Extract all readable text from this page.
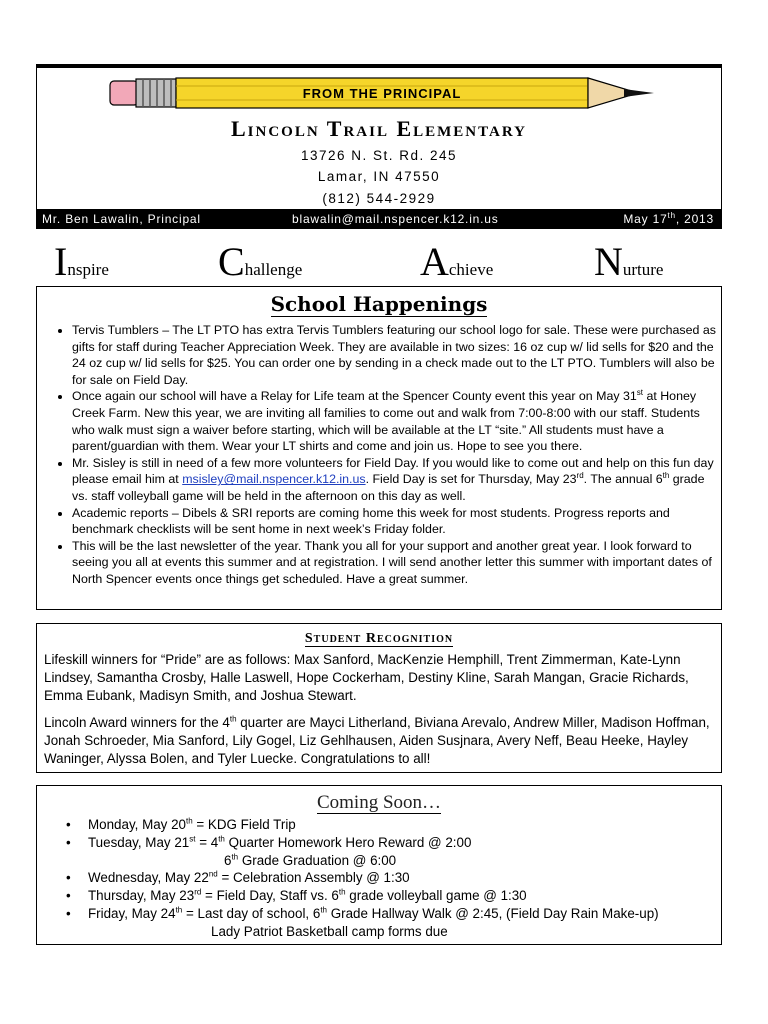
FROM THE PRINCIPAL
Lincoln Trail Elementary
13726 N. St. Rd. 245
Lamar, IN 47550
(812) 544-2929
Mr. Ben Lawalin, Principal	blawalin@mail.nspencer.k12.in.us	May 17th, 2013
Inspire	Challenge	Achieve	Nurture
School Happenings
• Tervis Tumblers – The LT PTO has extra Tervis Tumblers featuring our school logo for sale. These were purchased as gifts for staff during Teacher Appreciation Week. They are available in two sizes: 16 oz cup w/ lid sells for $20 and the 24 oz cup w/ lid sells for $25. You can order one by sending in a check made out to the LT PTO. Tumblers will also be for sale on Field Day.
• Once again our school will have a Relay for Life team at the Spencer County event this year on May 31st at Honey Creek Farm. New this year, we are inviting all families to come out and walk from 7:00-8:00 with our staff. Students who walk must sign a waiver before starting, which will be available at the LT “site.” All students must have a parent/guardian with them. Wear your LT shirts and come and join us. Hope to see you there.
• Mr. Sisley is still in need of a few more volunteers for Field Day. If you would like to come out and help on this fun day please email him at msisley@mail.nspencer.k12.in.us. Field Day is set for Thursday, May 23rd. The annual 6th grade vs. staff volleyball game will be held in the afternoon on this day as well.
• Academic reports – Dibels & SRI reports are coming home this week for most students. Progress reports and benchmark checklists will be sent home in next week’s Friday folder.
• This will be the last newsletter of the year. Thank you all for your support and another great year. I look forward to seeing you all at events this summer and at registration. I will send another letter this summer with important dates of North Spencer events once things get scheduled. Have a great summer.
Student Recognition

Lifeskill winners for “Pride” are as follows: Max Sanford, MacKenzie Hemphill, Trent Zimmerman, Kate-Lynn Lindsey, Samantha Crosby, Halle Laswell, Hope Cockerham, Destiny Kline, Sarah Mangan, Gracie Richards, Emma Eubank, Madisyn Smith, and Joshua Stewart.

Lincoln Award winners for the 4th quarter are Mayci Litherland, Biviana Arevalo, Andrew Miller, Madison Hoffman, Jonah Schroeder, Mia Sanford, Lily Gogel, Liz Gehlhausen, Aiden Susjnara, Avery Neff, Beau Heeke, Hayley Waninger, Alyssa Bolen, and Tyler Luecke. Congratulations to all!

Coming Soon…
• Monday, May 20th = KDG Field Trip
• Tuesday, May 21st = 4th Quarter Homework Hero Reward @ 2:00
6th Grade Graduation @ 6:00
• Wednesday, May 22nd = Celebration Assembly @ 1:30
• Thursday, May 23rd = Field Day, Staff vs. 6th grade volleyball game @ 1:30
• Friday, May 24th = Last day of school, 6th Grade Hallway Walk @ 2:45, (Field Day Rain Make-up)
Lady Patriot Basketball camp forms due
